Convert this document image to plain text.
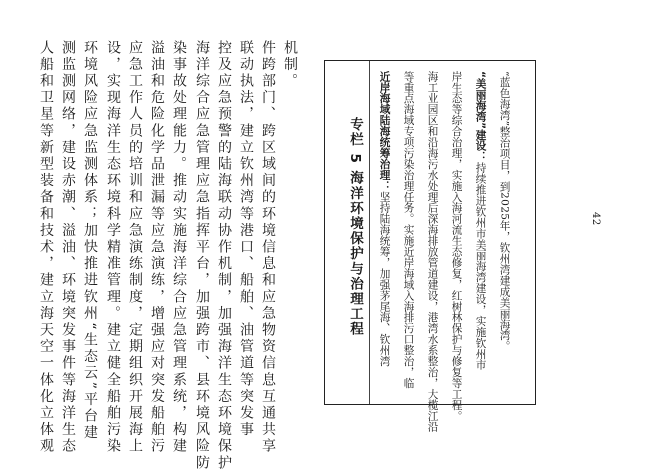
人船和卫星等新型装备和技术，建立海天空一体化立体观 测监测网络，建设赤潮、溢油、环境突发事件等海洋生态 环境风险应急监测体系；加快推进钦州“生态云”平台建 设，实现海洋生态环境科学精准管理。建立健全船舶污染 应急工作人员的培训和应急演练制度，定期组织开展海上 溢油和危险化学品泄漏等应急演练，增强应对突发船舶污 染事故处理能力。推动实施海洋综合应急管理系统，构建 海洋综合应急管理应急指挥平台，加强跨市、县环境风险防 控及应急预警的陆海联动协作机制，加强海洋生态环境保护 联动执法，建立钦州湾等港口、船舶、油管道等突发事 件跨部门、跨区域间的环境信息和应急物资信息互通共享 机制。
专栏 5 海洋环境保护与治理工程 近岸海域陆海统筹治理：坚持陆海统筹，加强茅尾海、钦州湾 等重点海域专项污染治理任务。实施近岸海域入海排污口整治，临 海工业园区和沿海污水处理后深海排放管道建设，港湾水系整治，大榄江沿 岸生态等综合治理，实施入海河流生态修复，红树林保护与修复等工程。 “美丽海湾”建设：持续推进钦州市美丽海湾建设，实施钦州市 “蓝色海湾”整治项目，到2025年，钦州湾建成美丽海湾。	42
